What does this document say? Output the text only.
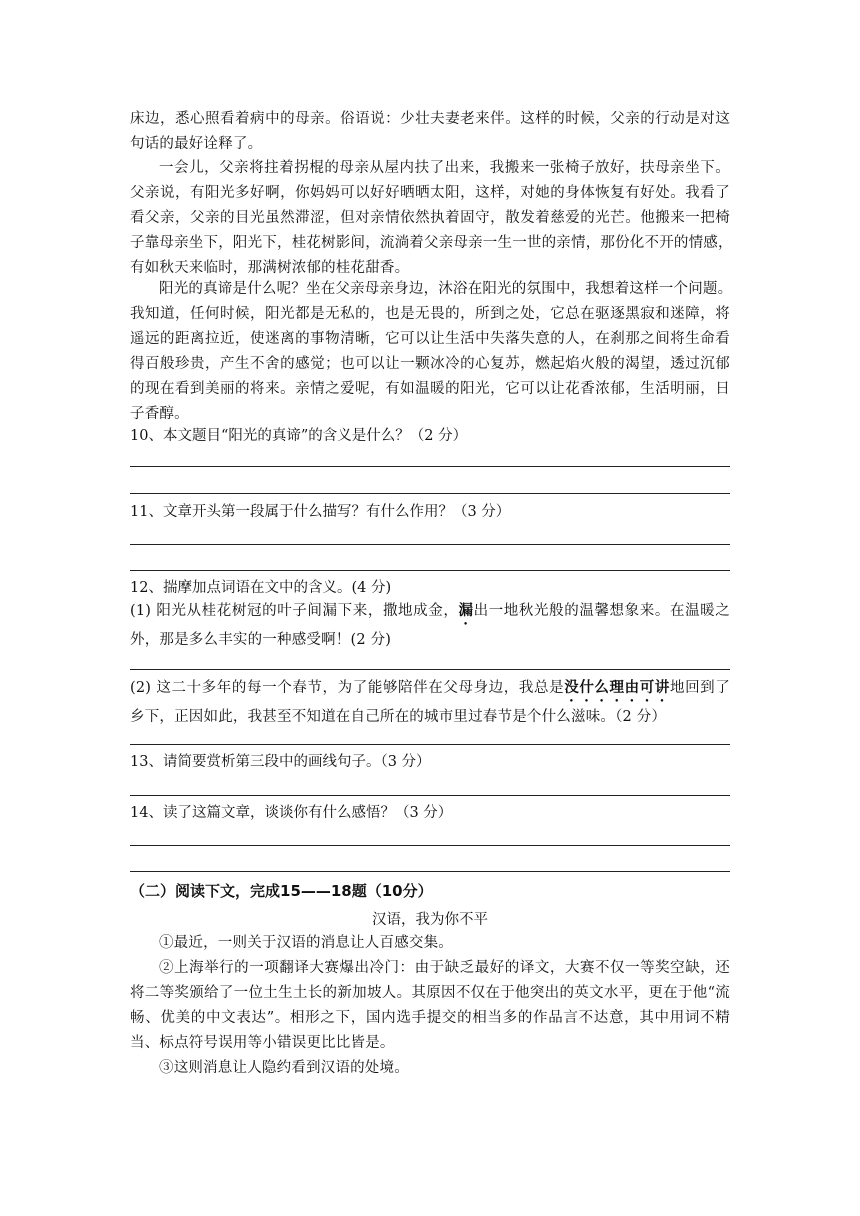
床边，悉心照看着病中的母亲。俗语说：少壮夫妻老来伴。这样的时候，父亲的行动是对这
句话的最好诠释了。
一会儿，父亲将拄着拐棍的母亲从屋内扶了出来，我搬来一张椅子放好，扶母亲坐下。
父亲说，有阳光多好啊，你妈妈可以好好晒晒太阳，这样，对她的身体恢复有好处。我看了
看父亲，父亲的目光虽然滞涩，但对亲情依然执着固守，散发着慈爱的光芒。他搬来一把椅
子靠母亲坐下，阳光下，桂花树影间，流淌着父亲母亲一生一世的亲情，那份化不开的情感，
有如秋天来临时，那满树浓郁的桂花甜香。
阳光的真谛是什么呢？坐在父亲母亲身边，沐浴在阳光的氛围中，我想着这样一个问题。
我知道，任何时候，阳光都是无私的，也是无畏的，所到之处，它总在驱逐黑寂和迷障，将
遥远的距离拉近，使迷离的事物清晰，它可以让生活中失落失意的人，在刹那之间将生命看
得百般珍贵，产生不舍的感觉；也可以让一颗冰冷的心复苏，燃起焰火般的渴望，透过沉郁
的现在看到美丽的将来。亲情之爱呢，有如温暖的阳光，它可以让花香浓郁，生活明丽，日
子香醇。
10、本文题目“阳光的真谛”的含义是什么？（2 分）
11、文章开头第一段属于什么描写？有什么作用？（3 分）
12、揣摩加点词语在文中的含义。(4 分)
(1) 阳光从桂花树冠的叶子间漏下来，撒地成金，漏出一地秋光般的温馨想象来。在温暖之
外，那是多么丰实的一种感受啊！(2 分)
(2) 这二十多年的每一个春节，为了能够陪伴在父母身边，我总是没什么理由可讲地回到了
乡下，正因如此，我甚至不知道在自己所在的城市里过春节是个什么滋味。（2 分）
13、请简要赏析第三段中的画线句子。（3 分）
14、读了这篇文章，谈谈你有什么感悟？（3 分）
（二）阅读下文，完成15——18题（10分）
汉语，我为你不平
①最近，一则关于汉语的消息让人百感交集。
②上海举行的一项翻译大赛爆出冷门：由于缺乏最好的译文，大赛不仅一等奖空缺，还
将二等奖颁给了一位土生土长的新加坡人。其原因不仅在于他突出的英文水平，更在于他“流
畅、优美的中文表达”。相形之下，国内选手提交的相当多的作品言不达意，其中用词不精
当、标点符号误用等小错误更比比皆是。
③这则消息让人隐约看到汉语的处境。
